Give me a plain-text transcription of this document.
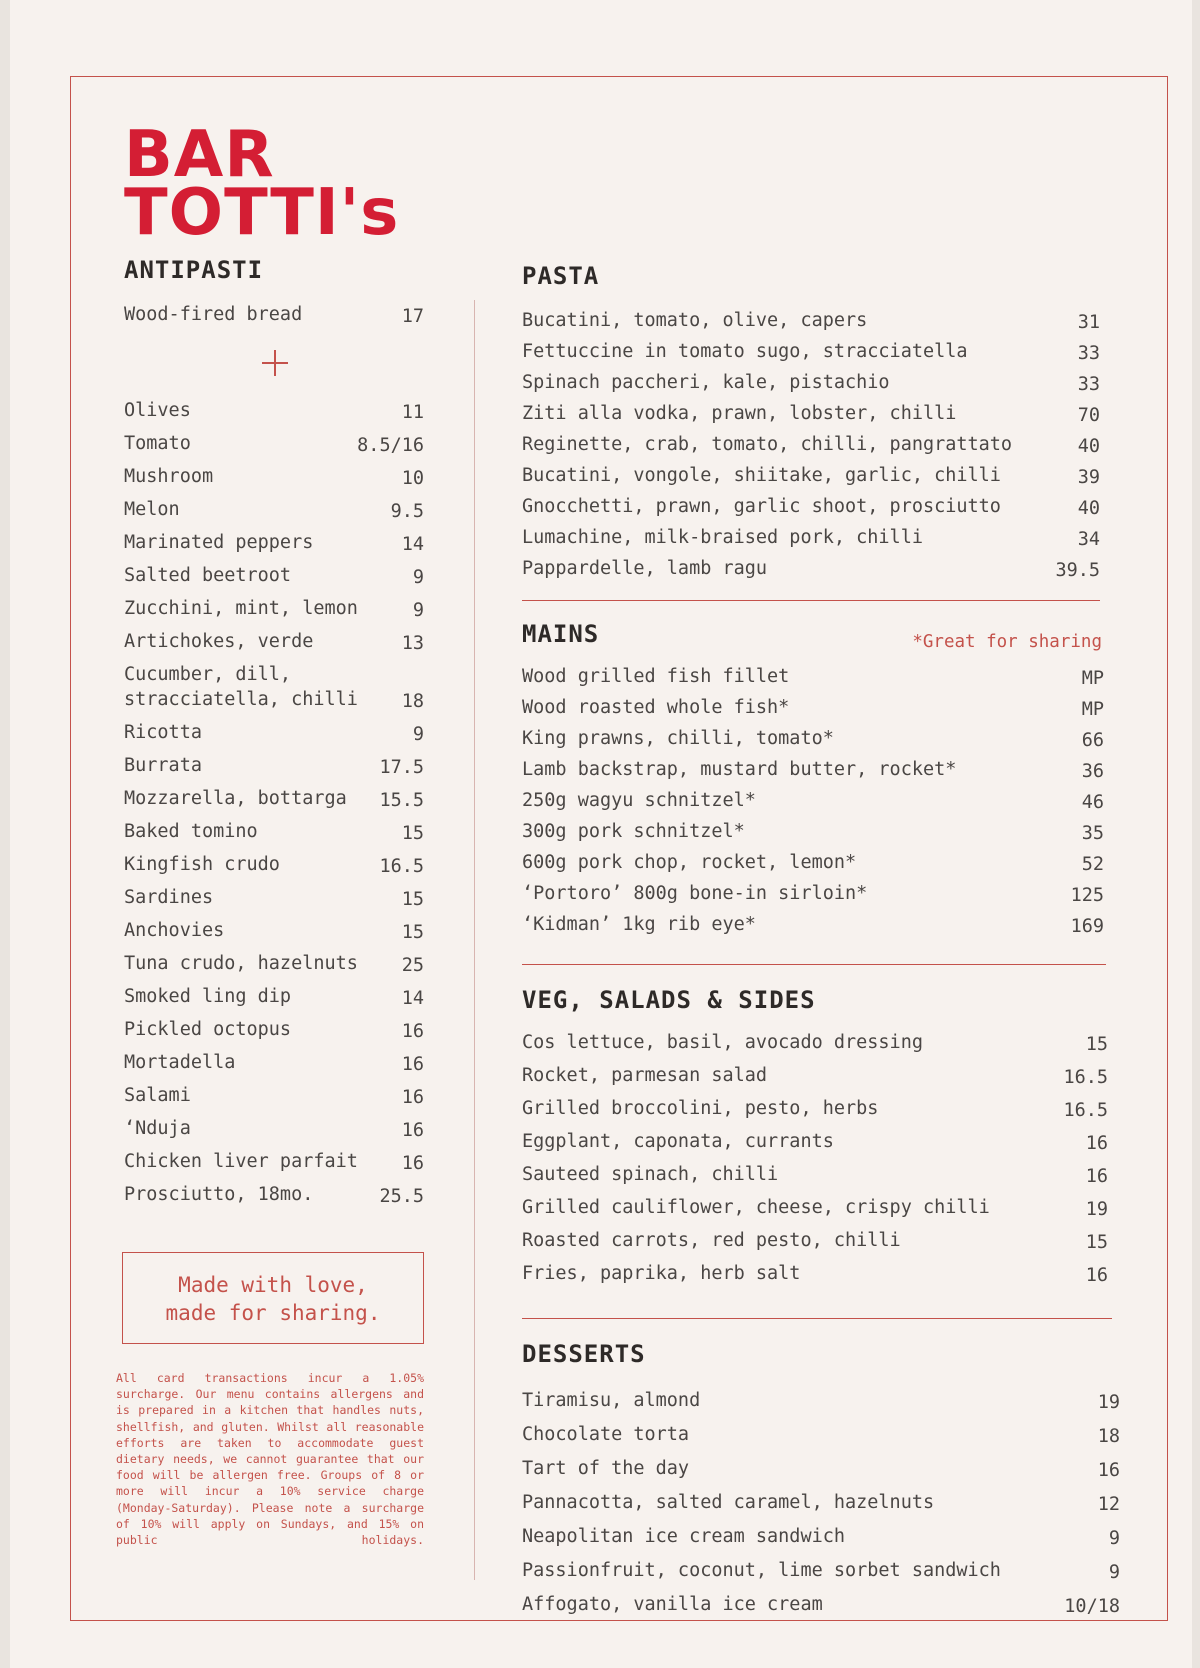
BAR
TOTTI's
ANTIPASTI
Wood-fired bread	17
Olives	11
Tomato	8.5/16
Mushroom	10
Melon	9.5
Marinated peppers	14
Salted beetroot	9
Zucchini, mint, lemon	9
Artichokes, verde	13
Cucumber, dill,
stracciatella, chilli	18
Ricotta	9
Burrata	17.5
Mozzarella, bottarga	15.5
Baked tomino	15
Kingfish crudo	16.5
Sardines	15
Anchovies	15
Tuna crudo, hazelnuts	25
Smoked ling dip	14
Pickled octopus	16
Mortadella	16
Salami	16
‘Nduja	16
Chicken liver parfait	16
Prosciutto, 18mo.	25.5
Made with love,
made for sharing.
All card transactions incur a 1.05% surcharge. Our menu contains allergens and is prepared in a kitchen that handles nuts, shellfish, and gluten. Whilst all reasonable efforts are taken to accommodate guest dietary needs, we cannot guarantee that our food will be allergen free. Groups of 8 or more will incur a 10% service charge (Monday-Saturday). Please note a surcharge of 10% will apply on Sundays, and 15% on public holidays.
PASTA
Bucatini, tomato, olive, capers	31
Fettuccine in tomato sugo, stracciatella	33
Spinach paccheri, kale, pistachio	33
Ziti alla vodka, prawn, lobster, chilli	70
Reginette, crab, tomato, chilli, pangrattato	40
Bucatini, vongole, shiitake, garlic, chilli	39
Gnocchetti, prawn, garlic shoot, prosciutto	40
Lumachine, milk-braised pork, chilli	34
Pappardelle, lamb ragu	39.5
MAINS	*Great for sharing
Wood grilled fish fillet	MP
Wood roasted whole fish*	MP
King prawns, chilli, tomato*	66
Lamb backstrap, mustard butter, rocket*	36
250g wagyu schnitzel*	46
300g pork schnitzel*	35
600g pork chop, rocket, lemon*	52
‘Portoro’ 800g bone-in sirloin*	125
‘Kidman’ 1kg rib eye*	169
VEG, SALADS & SIDES
Cos lettuce, basil, avocado dressing	15
Rocket, parmesan salad	16.5
Grilled broccolini, pesto, herbs	16.5
Eggplant, caponata, currants	16
Sauteed spinach, chilli	16
Grilled cauliflower, cheese, crispy chilli	19
Roasted carrots, red pesto, chilli	15
Fries, paprika, herb salt	16
DESSERTS
Tiramisu, almond	19
Chocolate torta	18
Tart of the day	16
Pannacotta, salted caramel, hazelnuts	12
Neapolitan ice cream sandwich	9
Passionfruit, coconut, lime sorbet sandwich	9
Affogato, vanilla ice cream	10/18
